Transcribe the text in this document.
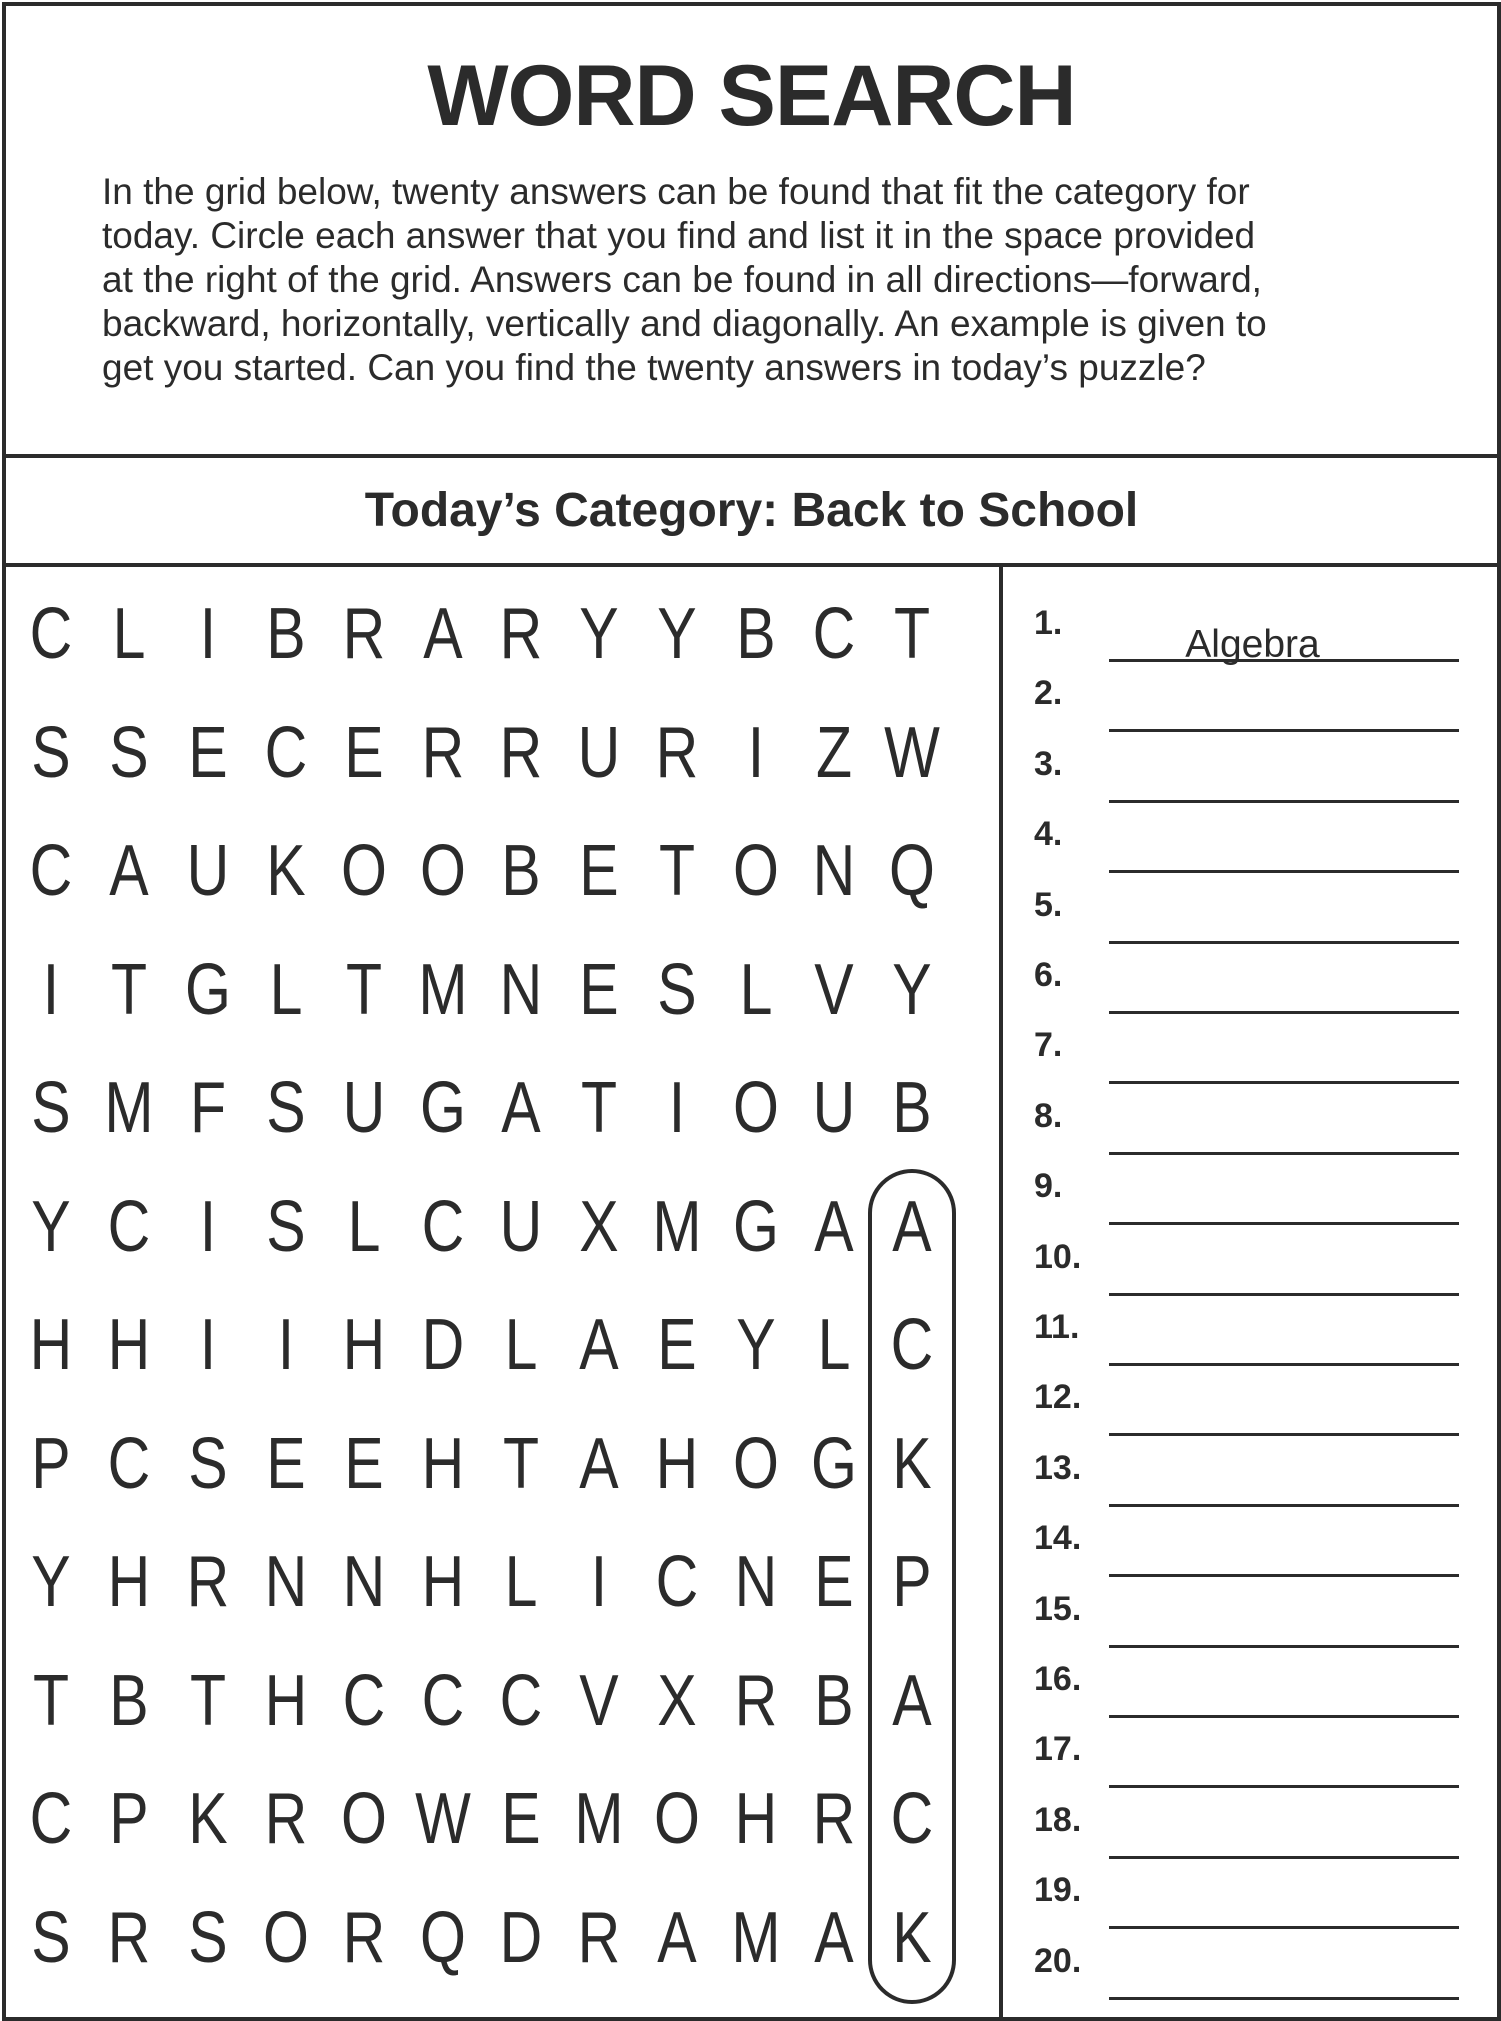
WORD SEARCH

In the grid below, twenty answers can be found that fit the category for
today. Circle each answer that you find and list it in the space provided
at the right of the grid. Answers can be found in all directions—forward,
backward, horizontally, vertically and diagonally. An example is given to
get you started. Can you find the twenty answers in today’s puzzle?

Today’s Category: Back to School
C L I B R A R Y Y B C T
S S E C E R R U R I Z W
C A U K O O B E T O N Q
I T G L T M N E S L V Y
S M F S U G A T I O U B
Y C I S L C U X M G A A
H H I I H D L A E Y L C
P C S E E H T A H O G K
Y H R N N H L I C N E P
T B T H C C C V X R B A
C P K R O W E M O H R C
S R S O R Q D R A M A K
1.	Algebra
2.
3.
4.
5.
6.
7.
8.
9.
10.
11.
12.
13.
14.
15.
16.
17.
18.
19.
20.
